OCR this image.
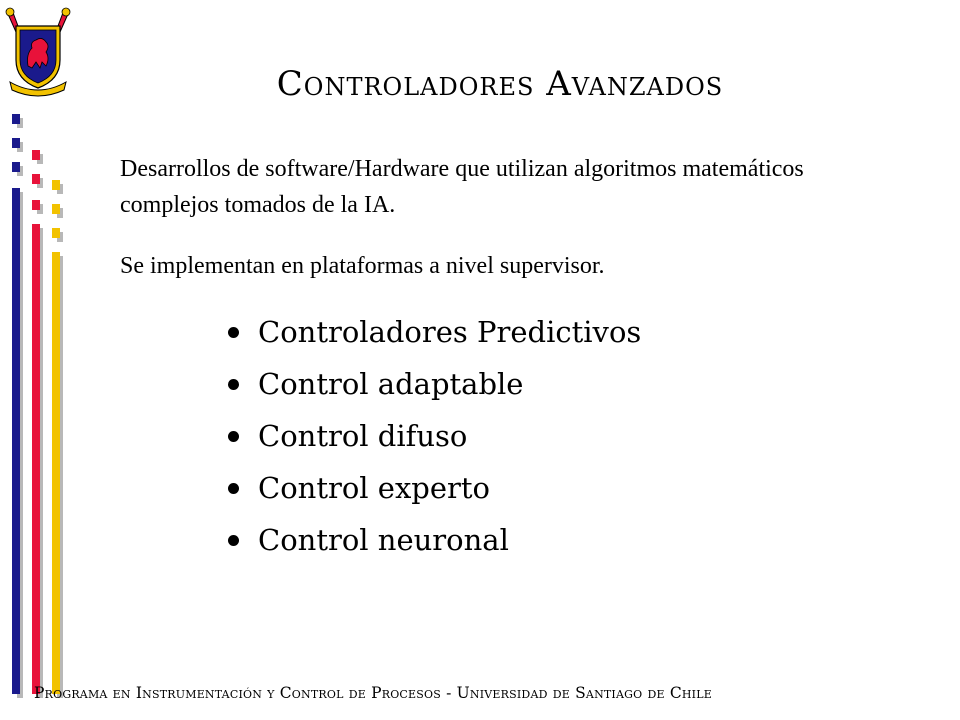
Controladores Avanzados
Desarrollos de software/Hardware que utilizan algoritmos matemáticos complejos tomados de la IA.
Se implementan en plataformas a nivel supervisor.
Controladores Predictivos
Control adaptable
Control difuso
Control experto
Control neuronal
Programa en Instrumentación y Control de Procesos - Universidad de Santiago de Chile
